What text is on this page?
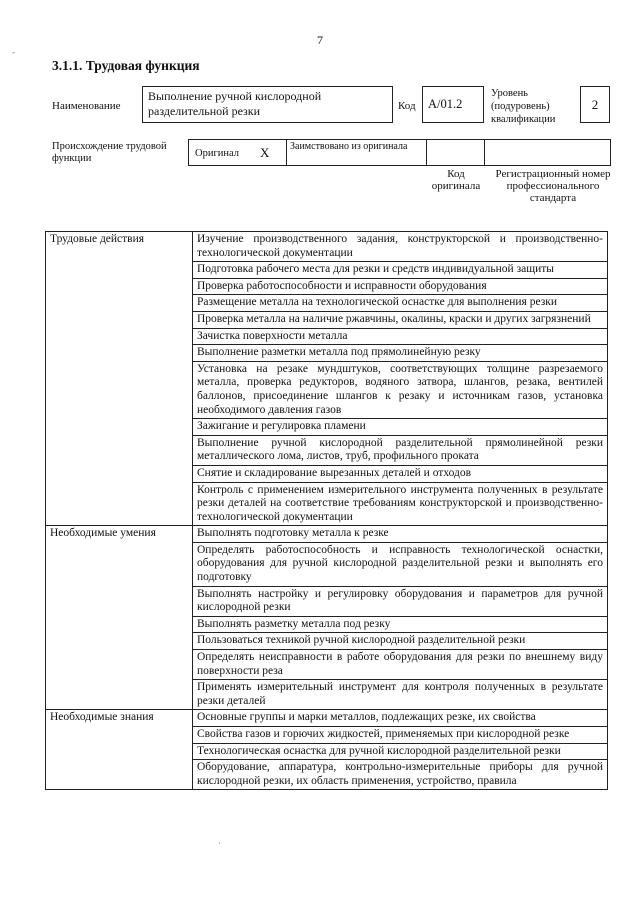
7
-
3.1.1. Трудовая функция
Наименование
Выполнение ручной кислородной разделительной резки	Код A/01.2
Уровень (подуровень) квалификации
2
Происхождение трудовой функции	Оригинал X Заимствовано из оригинала
Код оригинала
Регистрационный номер профессионального стандарта
Трудовые действия	Изучение производственного задания, конструкторской и производственно-технологической документации
	Подготовка рабочего места для резки и средств индивидуальной защиты
	Проверка работоспособности и исправности оборудования
	Размещение металла на технологической оснастке для выполнения резки
	Проверка металла на наличие ржавчины, окалины, краски и других загрязнений
	Зачистка поверхности металла
	Выполнение разметки металла под прямолинейную резку
	Установка на резаке мундштуков, соответствующих толщине разрезаемого металла, проверка редукторов, водяного затвора, шлангов, резака, вентилей баллонов, присоединение шлангов к резаку и источникам газов, установка необходимого давления газов
	Зажигание и регулировка пламени
	Выполнение ручной кислородной разделительной прямолинейной резки металлического лома, листов, труб, профильного проката
	Снятие и складирование вырезанных деталей и отходов
	Контроль с применением измерительного инструмента полученных в результате резки деталей на соответствие требованиям конструкторской и производственно-технологической документации
Необходимые умения	Выполнять подготовку металла к резке
	Определять работоспособность и исправность технологической оснастки, оборудования для ручной кислородной разделительной резки и выполнять его подготовку
	Выполнять настройку и регулировку оборудования и параметров для ручной кислородной резки
	Выполнять разметку металла под резку
	Пользоваться техникой ручной кислородной разделительной резки
	Определять неисправности в работе оборудования для резки по внешнему виду поверхности реза
	Применять измерительный инструмент для контроля полученных в результате резки деталей
Необходимые знания	Основные группы и марки металлов, подлежащих резке, их свойства
	Свойства газов и горючих жидкостей, применяемых при кислородной резке
	Технологическая оснастка для ручной кислородной разделительной резки
	Оборудование, аппаратура, контрольно-измерительные приборы для ручной кислородной резки, их область применения, устройство, правила
·
